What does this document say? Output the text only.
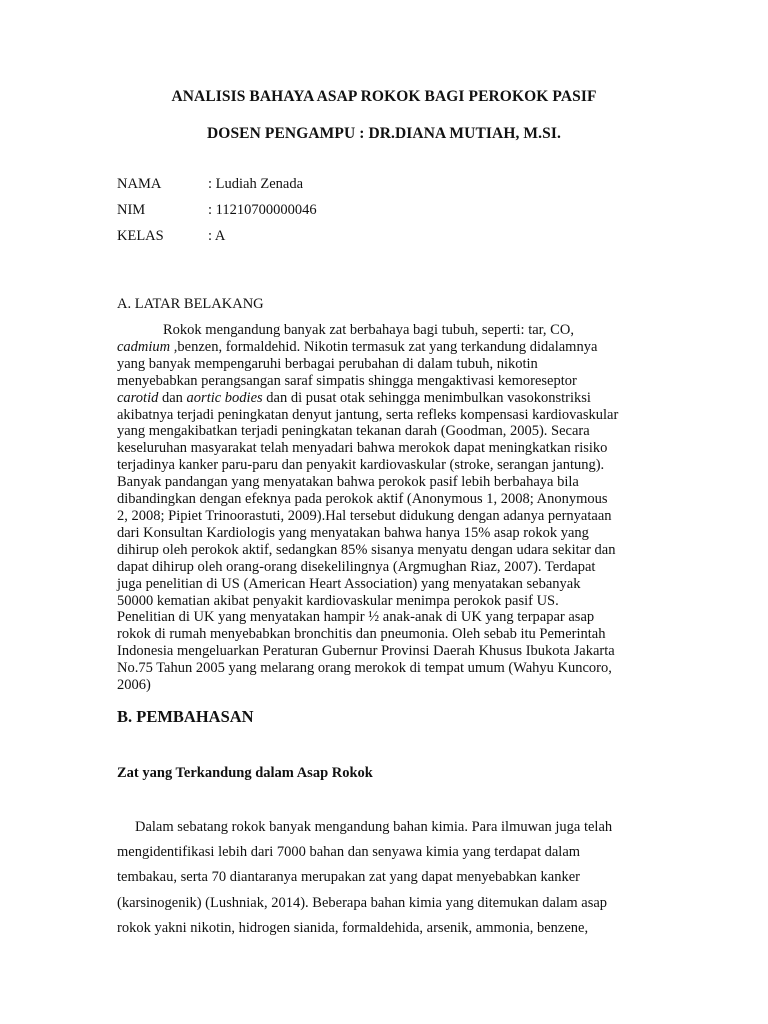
ANALISIS BAHAYA ASAP ROKOK BAGI PEROKOK PASIF
DOSEN PENGAMPU : DR.DIANA MUTIAH, M.SI.
NAMA	: Ludiah Zenada
NIM	: 11210700000046
KELAS	: A
A. LATAR BELAKANG
Rokok mengandung banyak zat berbahaya bagi tubuh, seperti: tar, CO,
cadmium ,benzen, formaldehid. Nikotin termasuk zat yang terkandung didalamnya
yang banyak mempengaruhi berbagai perubahan di dalam tubuh, nikotin
menyebabkan perangsangan saraf simpatis shingga mengaktivasi kemoreseptor
carotid dan aortic bodies dan di pusat otak sehingga menimbulkan vasokonstriksi
akibatnya terjadi peningkatan denyut jantung, serta refleks kompensasi kardiovaskular
yang mengakibatkan terjadi peningkatan tekanan darah (Goodman, 2005). Secara
keseluruhan masyarakat telah menyadari bahwa merokok dapat meningkatkan risiko
terjadinya kanker paru-paru dan penyakit kardiovaskular (stroke, serangan jantung).
Banyak pandangan yang menyatakan bahwa perokok pasif lebih berbahaya bila
dibandingkan dengan efeknya pada perokok aktif (Anonymous 1, 2008; Anonymous
2, 2008; Pipiet Trinoorastuti, 2009).Hal tersebut didukung dengan adanya pernyataan
dari Konsultan Kardiologis yang menyatakan bahwa hanya 15% asap rokok yang
dihirup oleh perokok aktif, sedangkan 85% sisanya menyatu dengan udara sekitar dan
dapat dihirup oleh orang-orang disekelilingnya (Argmughan Riaz, 2007). Terdapat
juga penelitian di US (American Heart Association) yang menyatakan sebanyak
50000 kematian akibat penyakit kardiovaskular menimpa perokok pasif US.
Penelitian di UK yang menyatakan hampir ½ anak-anak di UK yang terpapar asap
rokok di rumah menyebabkan bronchitis dan pneumonia. Oleh sebab itu Pemerintah
Indonesia mengeluarkan Peraturan Gubernur Provinsi Daerah Khusus Ibukota Jakarta
No.75 Tahun 2005 yang melarang orang merokok di tempat umum (Wahyu Kuncoro,
2006)
B. PEMBAHASAN
Zat yang Terkandung dalam Asap Rokok
Dalam sebatang rokok banyak mengandung bahan kimia. Para ilmuwan juga telah
mengidentifikasi lebih dari 7000 bahan dan senyawa kimia yang terdapat dalam
tembakau, serta 70 diantaranya merupakan zat yang dapat menyebabkan kanker
(karsinogenik) (Lushniak, 2014). Beberapa bahan kimia yang ditemukan dalam asap
rokok yakni nikotin, hidrogen sianida, formaldehida, arsenik, ammonia, benzene,
